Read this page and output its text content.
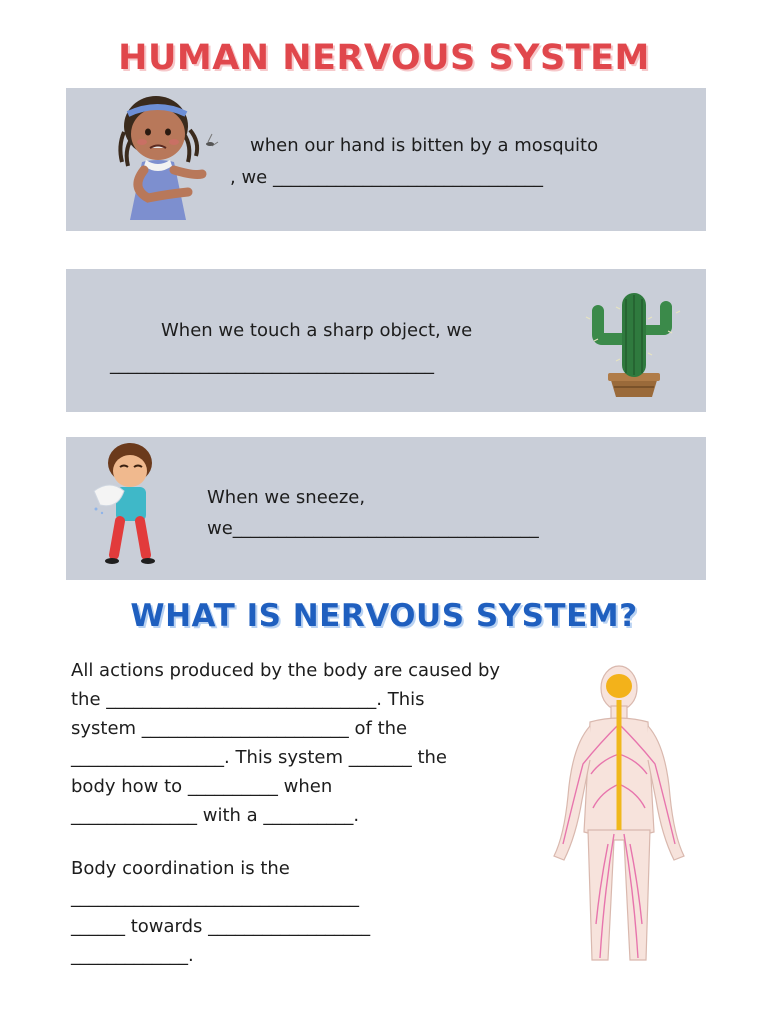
HUMAN NERVOUS SYSTEM
when our hand is bitten by a mosquito
, we ______________________________
When we touch a sharp object, we
____________________________________
When we sneeze,
we__________________________________
WHAT IS NERVOUS SYSTEM?
All actions produced by the body are caused by
the ______________________________. This
system _______________________ of the
_________________. This system _______ the
body how to __________ when
______________ with a __________.
Body coordination is the
________________________________
______ towards __________________
_____________.
